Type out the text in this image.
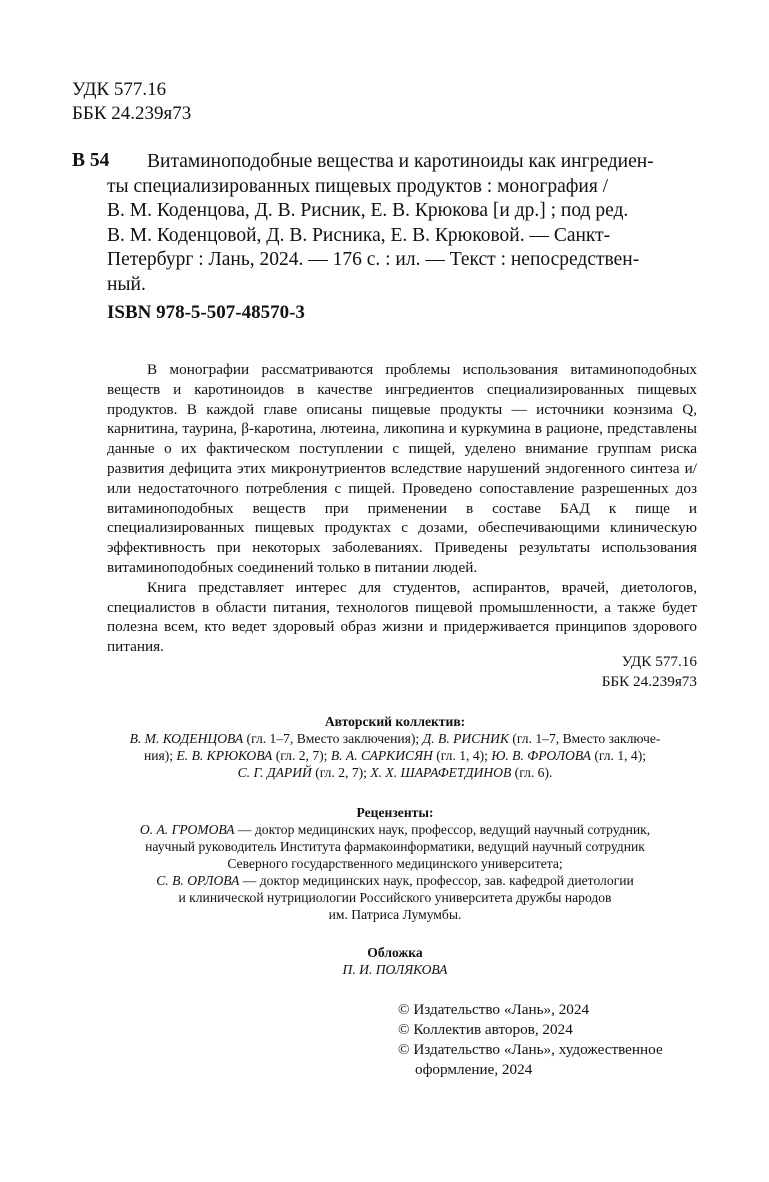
УДК 577.16
ББК 24.239я73
В 54	Витаминоподобные вещества и каротиноиды как ингредиен-
ты специализированных пищевых продуктов : монография /
В. М. Коденцова, Д. В. Рисник, Е. В. Крюкова [и др.] ; под ред.
В. М. Коденцовой, Д. В. Рисника, Е. В. Крюковой. — Санкт-
Петербург : Лань, 2024. — 176 с. : ил. — Текст : непосредствен-
ный.
ISBN 978-5-507-48570-3

В монографии рассматриваются проблемы использования витаминоподобных веществ и каротиноидов в качестве ингредиентов специализированных пищевых продуктов. В каждой главе описаны пищевые продукты — источники коэнзима Q, карнитина, таурина, β-каротина, лютеина, ликопина и куркумина в рационе, представлены данные о их фактическом поступлении с пищей, уделено внимание группам риска развития дефицита этих микронутриентов вследствие нарушений эндогенного синтеза и/или недостаточного потребления с пищей. Проведено сопоставление разрешенных доз витаминоподобных веществ при применении в составе БАД к пище и специализированных пищевых продуктах с дозами, обеспечивающими клиническую эффективность при некоторых заболеваниях. Приведены результаты использования витаминоподобных соединений только в питании людей.

Книга представляет интерес для студентов, аспирантов, врачей, диетологов, специалистов в области питания, технологов пищевой промышленности, а также будет полезна всем, кто ведет здоровый образ жизни и придерживается принципов здорового питания.

УДК 577.16
ББК 24.239я73
Авторский коллектив:
В. М. КОДЕНЦОВА (гл. 1–7, Вместо заключения); Д. В. РИСНИК (гл. 1–7, Вместо заключе-
ния); Е. В. КРЮКОВА (гл. 2, 7); В. А. САРКИСЯН (гл. 1, 4); Ю. В. ФРОЛОВА (гл. 1, 4);
С. Г. ДАРИЙ (гл. 2, 7); Х. Х. ШАРАФЕТДИНОВ (гл. 6).
Рецензенты:
О. А. ГРОМОВА — доктор медицинских наук, профессор, ведущий научный сотрудник,
научный руководитель Института фармакоинформатики, ведущий научный сотрудник
Северного государственного медицинского университета;
С. В. ОРЛОВА — доктор медицинских наук, профессор, зав. кафедрой диетологии
и клинической нутрициологии Российского университета дружбы народов
им. Патриса Лумумбы.
Обложка
П. И. ПОЛЯКОВА
© Издательство «Лань», 2024
© Коллектив авторов, 2024
© Издательство «Лань», художественное
оформление, 2024
